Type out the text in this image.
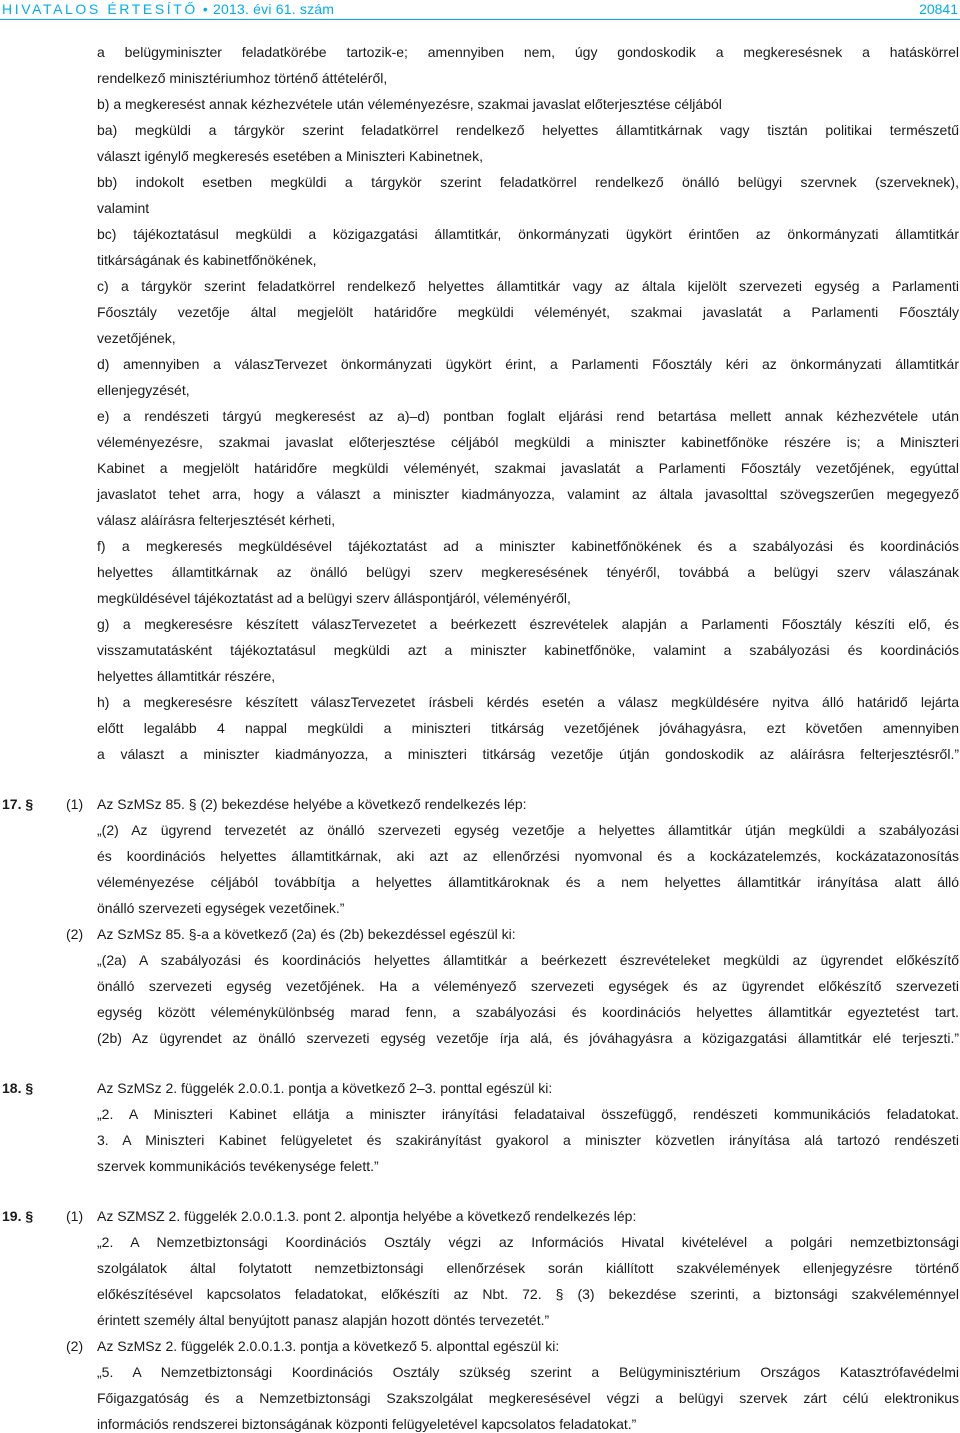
HIVATALOS ÉRTESÍTŐ • 2013. évi 61. szám	20841
a belügyminiszter feladatkörébe tartozik-e; amennyiben nem, úgy gondoskodik a megkeresésnek a hatáskörrel
rendelkező minisztériumhoz történő áttételéről,
b) a megkeresést annak kézhezvétele után véleményezésre, szakmai javaslat előterjesztése céljából
ba) megküldi a tárgykör szerint feladatkörrel rendelkező helyettes államtitkárnak vagy tisztán politikai természetű
választ igénylő megkeresés esetében a Miniszteri Kabinetnek,
bb) indokolt esetben megküldi a tárgykör szerint feladatkörrel rendelkező önálló belügyi szervnek (szerveknek),
valamint
bc) tájékoztatásul megküldi a közigazgatási államtitkár, önkormányzati ügykört érintően az önkormányzati államtitkár
titkárságának és kabinetfőnökének,
c) a tárgykör szerint feladatkörrel rendelkező helyettes államtitkár vagy az általa kijelölt szervezeti egység a Parlamenti
Főosztály vezetője által megjelölt határidőre megküldi véleményét, szakmai javaslatát a Parlamenti Főosztály
vezetőjének,
d) amennyiben a válaszTervezet önkormányzati ügykört érint, a Parlamenti Főosztály kéri az önkormányzati államtitkár
ellenjegyzését,
e) a rendészeti tárgyú megkeresést az a)–d) pontban foglalt eljárási rend betartása mellett annak kézhezvétele után
véleményezésre, szakmai javaslat előterjesztése céljából megküldi a miniszter kabinetfőnöke részére is; a Miniszteri
Kabinet a megjelölt határidőre megküldi véleményét, szakmai javaslatát a Parlamenti Főosztály vezetőjének, egyúttal
javaslatot tehet arra, hogy a választ a miniszter kiadmányozza, valamint az általa javasolttal szövegszerűen megegyező
válasz aláírásra felterjesztését kérheti,
f) a megkeresés megküldésével tájékoztatást ad a miniszter kabinetfőnökének és a szabályozási és koordinációs
helyettes államtitkárnak az önálló belügyi szerv megkeresésének tényéről, továbbá a belügyi szerv válaszának
megküldésével tájékoztatást ad a belügyi szerv álláspontjáról, véleményéről,
g) a megkeresésre készített válaszTervezetet a beérkezett észrevételek alapján a Parlamenti Főosztály készíti elő, és
visszamutatásként tájékoztatásul megküldi azt a miniszter kabinetfőnöke, valamint a szabályozási és koordinációs
helyettes államtitkár részére,
h) a megkeresésre készített válaszTervezetet írásbeli kérdés esetén a válasz megküldésére nyitva álló határidő lejárta
előtt legalább 4 nappal megküldi a miniszteri titkárság vezetőjének jóváhagyásra, ezt követően amennyiben
a választ a miniszter kiadmányozza, a miniszteri titkárság vezetője útján gondoskodik az aláírásra felterjesztésről.”
17. § (1) Az SzMSz 85. § (2) bekezdése helyébe a következő rendelkezés lép:
„(2) Az ügyrend tervezetét az önálló szervezeti egység vezetője a helyettes államtitkár útján megküldi a szabályozási
és koordinációs helyettes államtitkárnak, aki azt az ellenőrzési nyomvonal és a kockázatelemzés, kockázatazonosítás
véleményezése céljából továbbítja a helyettes államtitkároknak és a nem helyettes államtitkár irányítása alatt álló
önálló szervezeti egységek vezetőinek.”
(2) Az SzMSz 85. §-a a következő (2a) és (2b) bekezdéssel egészül ki:
„(2a) A szabályozási és koordinációs helyettes államtitkár a beérkezett észrevételeket megküldi az ügyrendet előkészítő
önálló szervezeti egység vezetőjének. Ha a véleményező szervezeti egységek és az ügyrendet előkészítő szervezeti
egység között véleménykülönbség marad fenn, a szabályozási és koordinációs helyettes államtitkár egyeztetést tart.
(2b) Az ügyrendet az önálló szervezeti egység vezetője írja alá, és jóváhagyásra a közigazgatási államtitkár elé terjeszti.”
18. §	Az SzMSz 2. függelék 2.0.0.1. pontja a következő 2–3. ponttal egészül ki:
„2. A Miniszteri Kabinet ellátja a miniszter irányítási feladataival összefüggő, rendészeti kommunikációs feladatokat.
3. A Miniszteri Kabinet felügyeletet és szakirányítást gyakorol a miniszter közvetlen irányítása alá tartozó rendészeti
szervek kommunikációs tevékenysége felett.”
19. § (1) Az SZMSZ 2. függelék 2.0.0.1.3. pont 2. alpontja helyébe a következő rendelkezés lép:
„2. A Nemzetbiztonsági Koordinációs Osztály végzi az Információs Hivatal kivételével a polgári nemzetbiztonsági
szolgálatok által folytatott nemzetbiztonsági ellenőrzések során kiállított szakvélemények ellenjegyzésre történő
előkészítésével kapcsolatos feladatokat, előkészíti az Nbt. 72. § (3) bekezdése szerinti, a biztonsági szakvéleménnyel
érintett személy által benyújtott panasz alapján hozott döntés tervezetét.”
(2) Az SzMSz 2. függelék 2.0.0.1.3. pontja a következő 5. alponttal egészül ki:
„5. A Nemzetbiztonsági Koordinációs Osztály szükség szerint a Belügyminisztérium Országos Katasztrófavédelmi
Főigazgatóság és a Nemzetbiztonsági Szakszolgálat megkeresésével végzi a belügyi szervek zárt célú elektronikus
információs rendszerei biztonságának központi felügyeletével kapcsolatos feladatokat.”
